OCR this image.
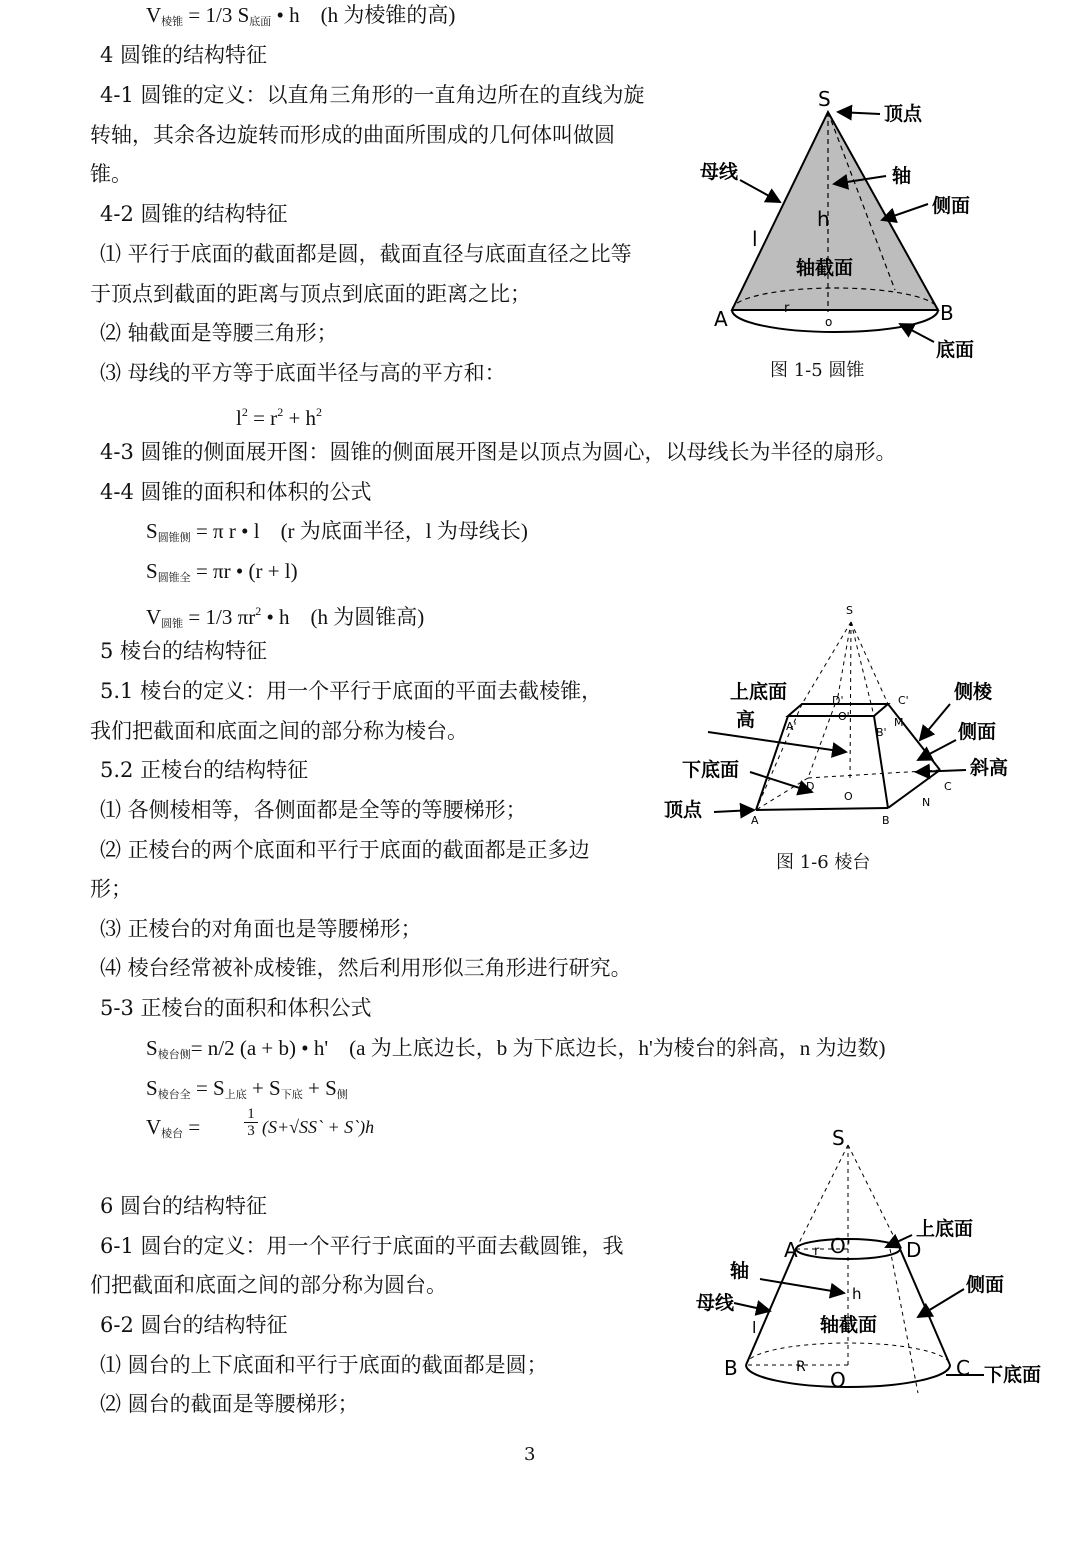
$V_{棱锥} = 1/3$ $S_{底面}$ • h　(h 为棱锥的高)
4 圆锥的结构特征
4-1 圆锥的定义：以直角三角形的一直角边所在的直线为旋
转轴，其余各边旋转而形成的曲面所围成的几何体叫做圆
锥。
4-2 圆锥的结构特征
⑴ 平行于底面的截面都是圆，截面直径与底面直径之比等
于顶点到截面的距离与顶点到底面的距离之比；
⑵ 轴截面是等腰三角形；
⑶ 母线的平方等于底面半径与高的平方和：
$l^2 = r^2 + h^2$
4-3 圆锥的侧面展开图：圆锥的侧面展开图是以顶点为圆心，以母线长为半径的扇形。
4-4 圆锥的面积和体积的公式
$S_{圆锥侧} = \pi$ r • l　(r 为底面半径，l 为母线长)
$S_{圆锥全} = \pi r$ • (r + l)
$V_{圆锥} = 1/3$ $\pi r^2$ • h　(h 为圆锥高)
S
A	B
h
l
r
o
轴截面
顶点
母线	轴
侧面
底面
图 1-5 圆锥
5 棱台的结构特征
5.1 棱台的定义：用一个平行于底面的平面去截棱锥，
我们把截面和底面之间的部分称为棱台。
5.2 正棱台的结构特征
⑴ 各侧棱相等，各侧面都是全等的等腰梯形；
⑵ 正棱台的两个底面和平行于底面的截面都是正多边
形；
⑶ 正棱台的对角面也是等腰梯形；
⑷ 棱台经常被补成棱锥，然后利用形似三角形进行研究。
5-3 正棱台的面积和体积公式
$S_{棱台侧}= n/2$ (a + b) • h'　(a 为上底边长，b 为下底边长，h'为棱台的斜高，n 为边数)
$S_{棱台全} = S_{上底} + S_{下底} + S_侧$
$V_{棱台}$ =
1
3 (S+√SS` + S`)h
S
A	B
C
D
N
M
A'	B'
C'
D'
O'
O
上底面
高
下底面
顶点
侧棱
侧面
斜高
图 1-6 棱台
6 圆台的结构特征
6-1 圆台的定义：用一个平行于底面的平面去截圆锥，我
们把截面和底面之间的部分称为圆台。
6-2 圆台的结构特征
⑴ 圆台的上下底面和平行于底面的截面都是圆；
⑵ 圆台的截面是等腰梯形；
S
A	D
B	C
O
O'
r
R
h
l	轴截面
上底面
轴
母线
侧面
下底面
3
